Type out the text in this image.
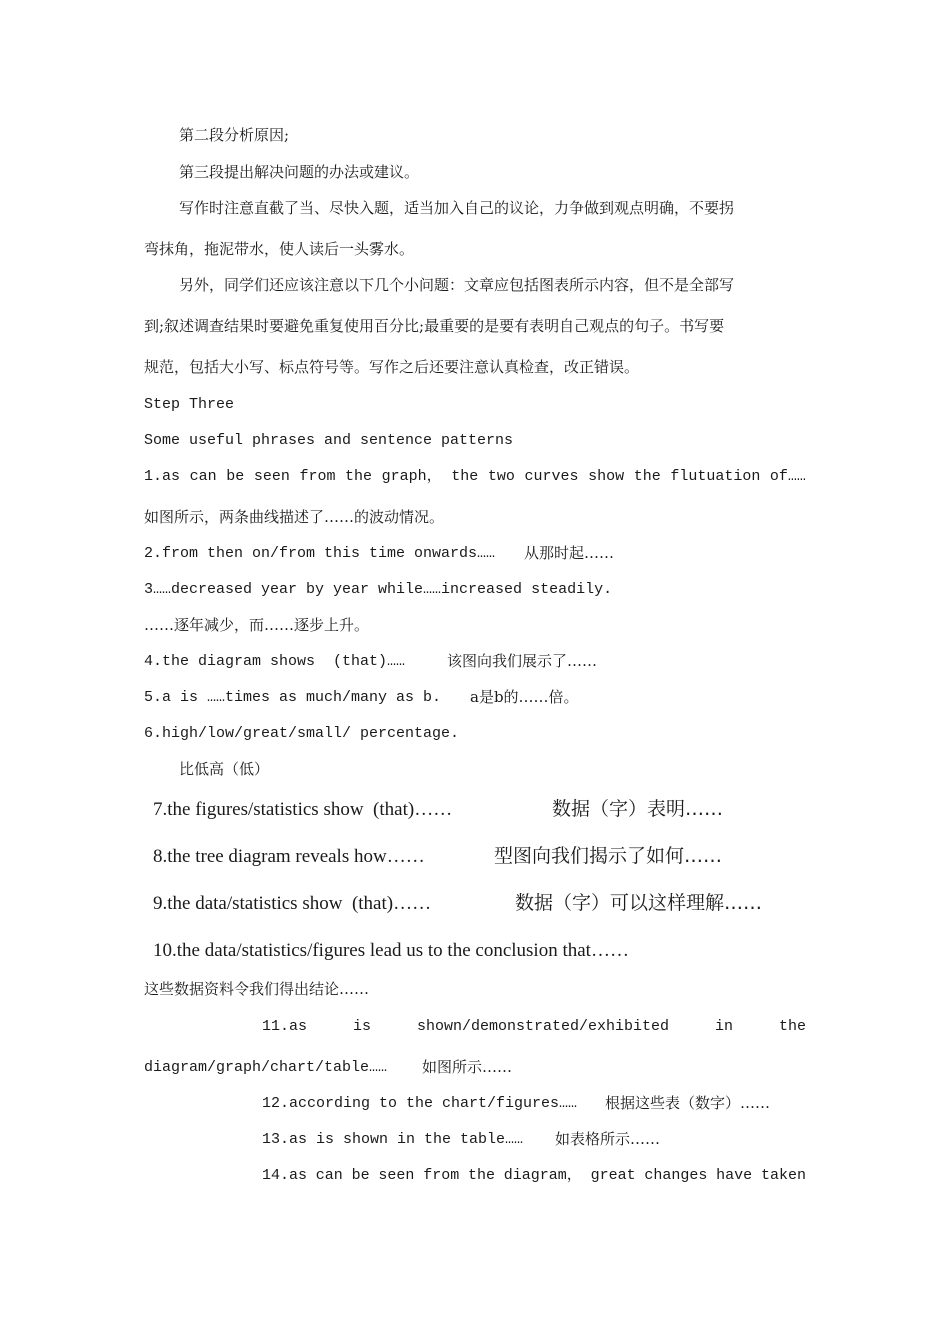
第二段分析原因;
第三段提出解决问题的办法或建议。
写作时注意直截了当、尽快入题，适当加入自己的议论，力争做到观点明确，不要拐
弯抹角，拖泥带水，使人读后一头雾水。
另外，同学们还应该注意以下几个小问题：文章应包括图表所示内容，但不是全部写
到;叙述调查结果时要避免重复使用百分比;最重要的是要有表明自己观点的句子。书写要
规范，包括大小写、标点符号等。写作之后还要注意认真检查，改正错误。
Step Three
Some useful phrases and sentence patterns
1.as can be seen from the graph， the two curves show the flutuation of……
如图所示，两条曲线描述了……的波动情况。
2.from then on/from this time onwards…… 从那时起……
3……decreased year by year while……increased steadily.
……逐年减少，而……逐步上升。
4.the diagram shows  (that)……	该图向我们展示了……
5.a is ……times as much/many as b. a是b的……倍。
6.high/low/great/small/ percentage.
比低高（低）
7.the figures/statistics show  (that)……	数据（字）表明……
8.the tree diagram reveals how……	型图向我们揭示了如何……
9.the data/statistics show  (that)……	数据（字）可以这样理解……
10.the data/statistics/figures lead us to the conclusion that……
这些数据资料令我们得出结论……
11.as	is	shown/demonstrated/exhibited	in	the
diagram/graph/chart/table…… 如图所示……
12.according to the chart/figures…… 根据这些表（数字）……
13.as is shown in the table…… 如表格所示……
14.as can be seen from the diagram， great changes have taken
